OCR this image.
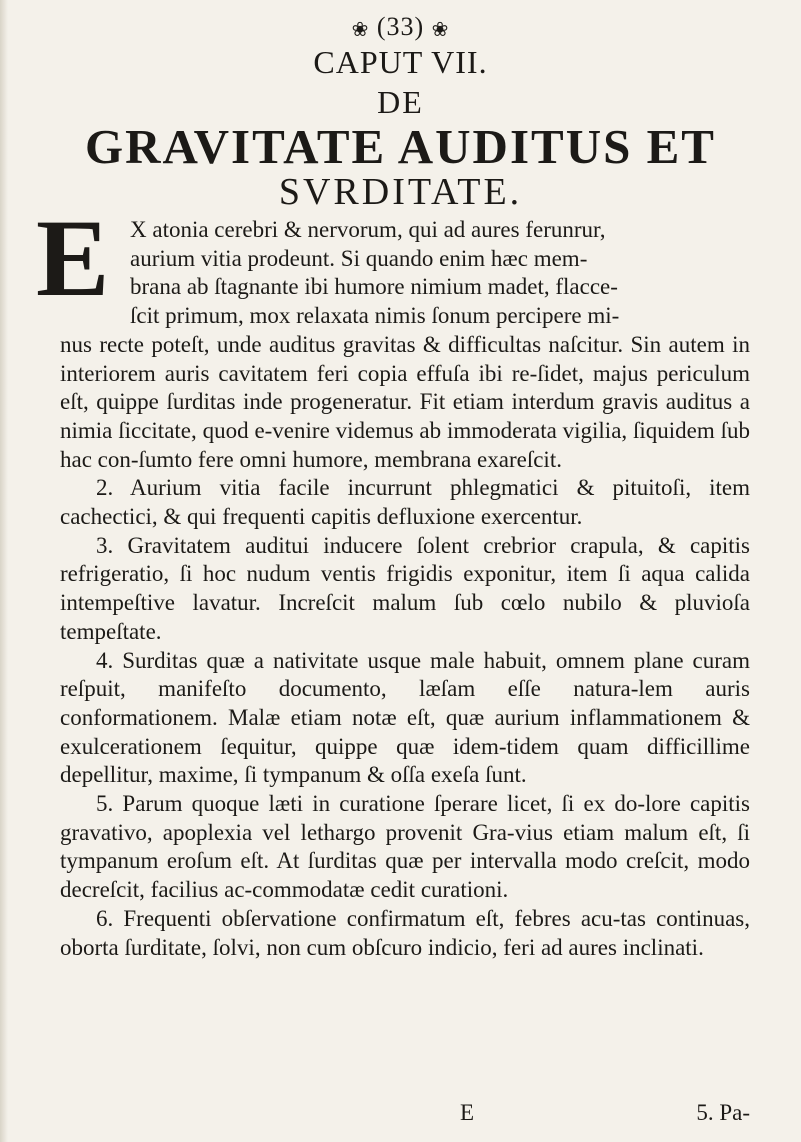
❀ (33) ❀
CAPUT VII.
DE
GRAVITATE AUDITUS ET
SVRDITATE.
E X atonia cerebri & nervorum, qui ad aures ferunrur,
aurium vitia prodeunt. Si quando enim hæc mem-
brana ab ſtagnante ibi humore nimium madet, flacce-
ſcit primum, mox relaxata nimis ſonum percipere mi-

nus recte poteſt, unde auditus gravitas & difficultas naſcitur. Sin autem in interiorem auris cavitatem feri copia effuſa ibi re-ſidet, majus periculum eſt, quippe ſurditas inde progeneratur. Fit etiam interdum gravis auditus a nimia ſiccitate, quod e-venire videmus ab immoderata vigilia, ſiquidem ſub hac con-ſumto fere omni humore, membrana exareſcit.

2. Aurium vitia facile incurrunt phlegmatici & pituitoſi, item cachectici, & qui frequenti capitis defluxione exercentur.

3. Gravitatem auditui inducere ſolent crebrior crapula, & capitis refrigeratio, ſi hoc nudum ventis frigidis exponitur, item ſi aqua calida intempeſtive lavatur. Increſcit malum ſub cœlo nubilo & pluvioſa tempeſtate.

4. Surditas quæ a nativitate usque male habuit, omnem plane curam reſpuit, manifeſto documento, læſam eſſe natura-lem auris conformationem. Malæ etiam notæ eſt, quæ aurium inflammationem & exulcerationem ſequitur, quippe quæ idem-tidem quam difficillime depellitur, maxime, ſi tympanum & oſſa exeſa ſunt.

5. Parum quoque læti in curatione ſperare licet, ſi ex do-lore capitis gravativo, apoplexia vel lethargo provenit Gra-vius etiam malum eſt, ſi tympanum eroſum eſt. At ſurditas quæ per intervalla modo creſcit, modo decreſcit, facilius ac-commodatæ cedit curationi.

6. Frequenti obſervatione confirmatum eſt, febres acu-tas continuas, oborta ſurditate, ſolvi, non cum obſcuro indicio, feri ad aures inclinati.

E	5. Pa-
